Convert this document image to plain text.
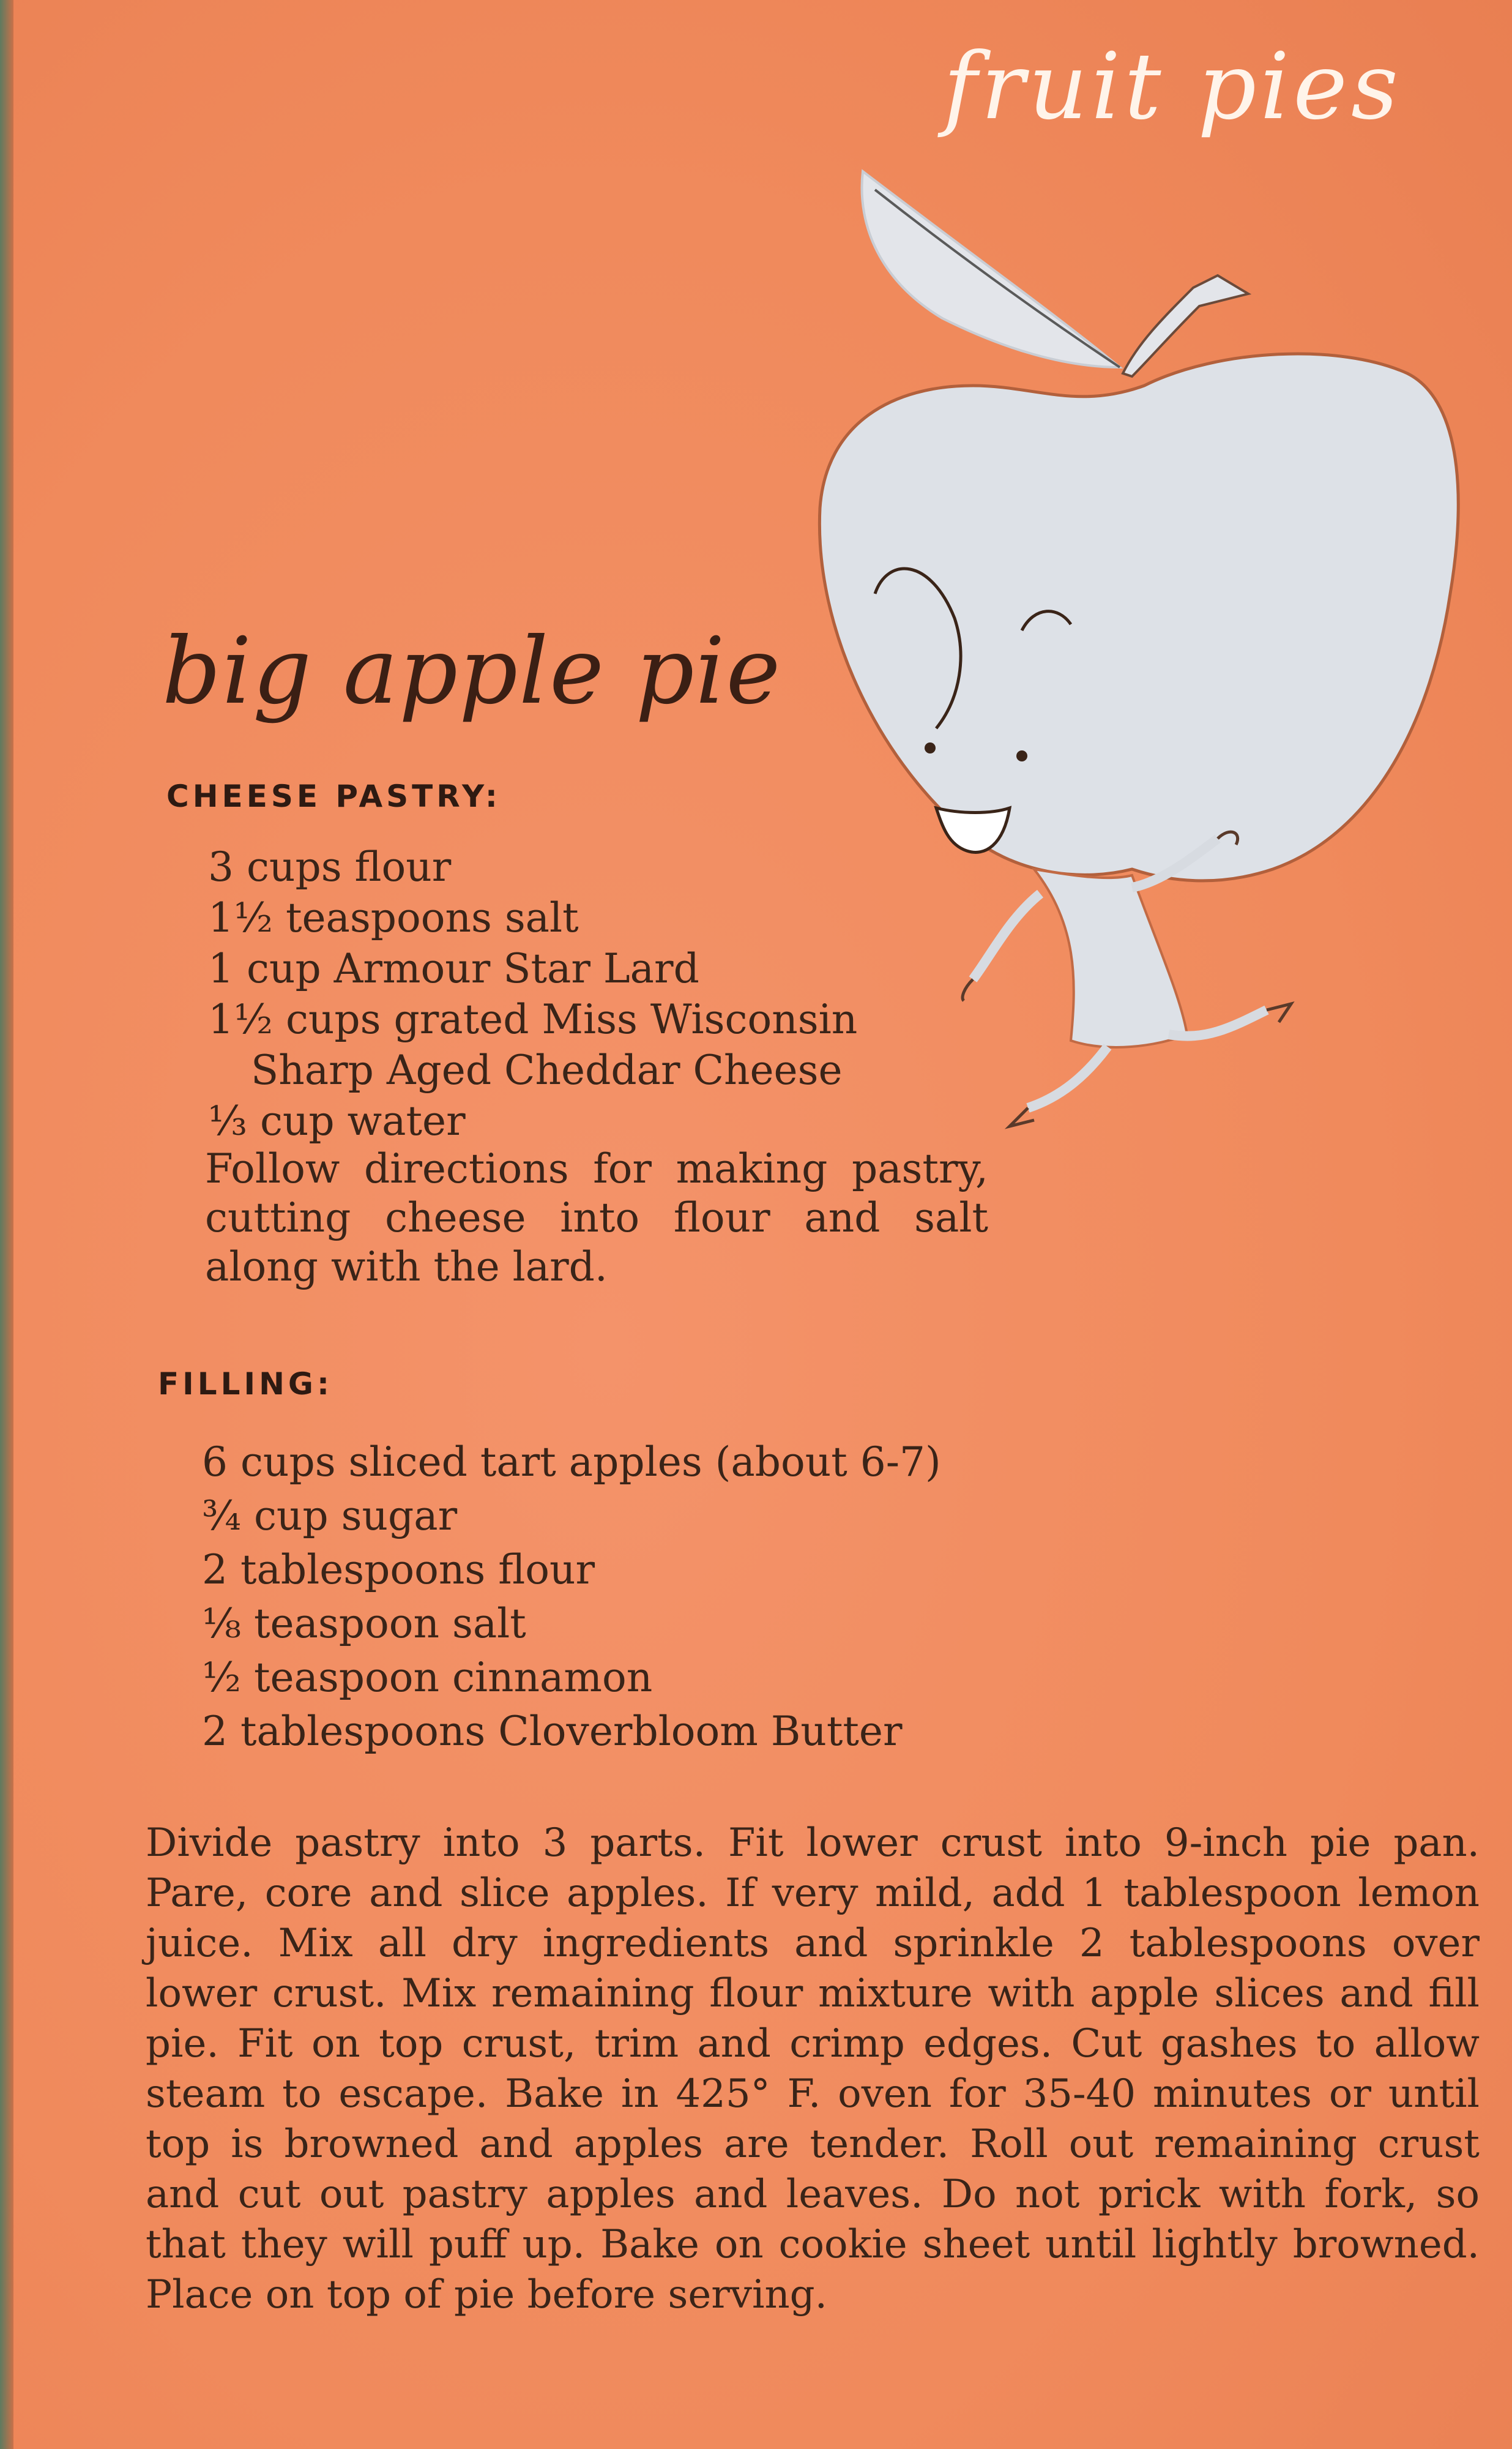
fruit pies
big apple pie
CHEESE PASTRY:
3 cups flour
1½ teaspoons salt
1 cup Armour Star Lard
1½ cups grated Miss Wisconsin
Sharp Aged Cheddar Cheese
⅓ cup water
Follow directions for making pastry, cutting cheese into flour and salt along with the lard.
FILLING:
6 cups sliced tart apples (about 6-7)
¾ cup sugar
2 tablespoons flour
⅛ teaspoon salt
½ teaspoon cinnamon
2 tablespoons Cloverbloom Butter
Divide pastry into 3 parts. Fit lower crust into 9-inch pie pan. Pare, core and slice apples. If very mild, add 1 tablespoon lemon juice. Mix all dry ingredients and sprinkle 2 tablespoons over lower crust. Mix remaining flour mixture with apple slices and fill pie. Fit on top crust, trim and crimp edges. Cut gashes to allow steam to escape. Bake in 425° F. oven for 35-40 minutes or until top is browned and apples are tender. Roll out remaining crust and cut out pastry apples and leaves. Do not prick with fork, so that they will puff up. Bake on cookie sheet until lightly browned. Place on top of pie before serving.
